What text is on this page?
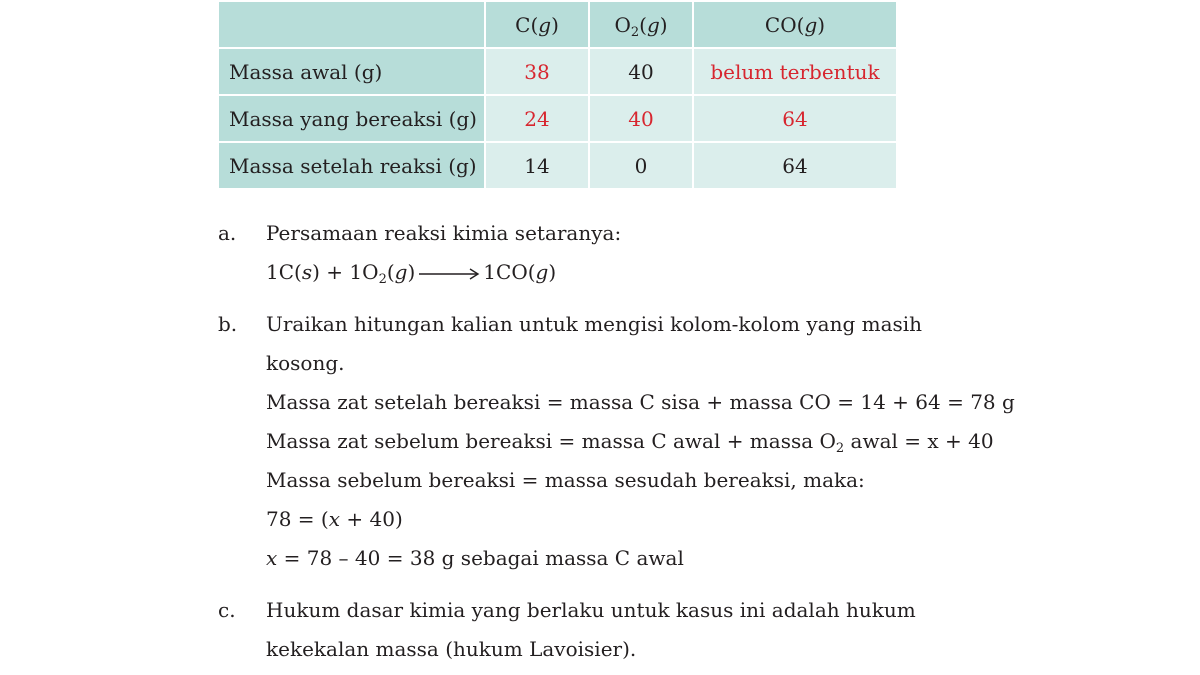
	C(g)	$O_2(g)$	CO(g)
Massa awal (g)	38	40	belum terbentuk
Massa yang bereaksi (g)	24	40	64
Massa setelah reaksi (g)	14	0	64
a.	Persamaan reaksi kimia setaranya:
$1C(s) + 1O_2(g) \to 1CO(g)$
b.	Uraikan hitungan kalian untuk mengisi kolom-kolom yang masih
kosong.
Massa zat setelah bereaksi = massa C sisa + massa CO = 14 + 64 = 78 g
Massa zat sebelum bereaksi = massa C awal + massa $O_2$ awal = x + 40
Massa sebelum bereaksi = massa sesudah bereaksi, maka:
78 = (x + 40)
x = 78 – 40 = 38 g sebagai massa C awal
c.	Hukum dasar kimia yang berlaku untuk kasus ini adalah hukum
kekekalan massa (hukum Lavoisier).
